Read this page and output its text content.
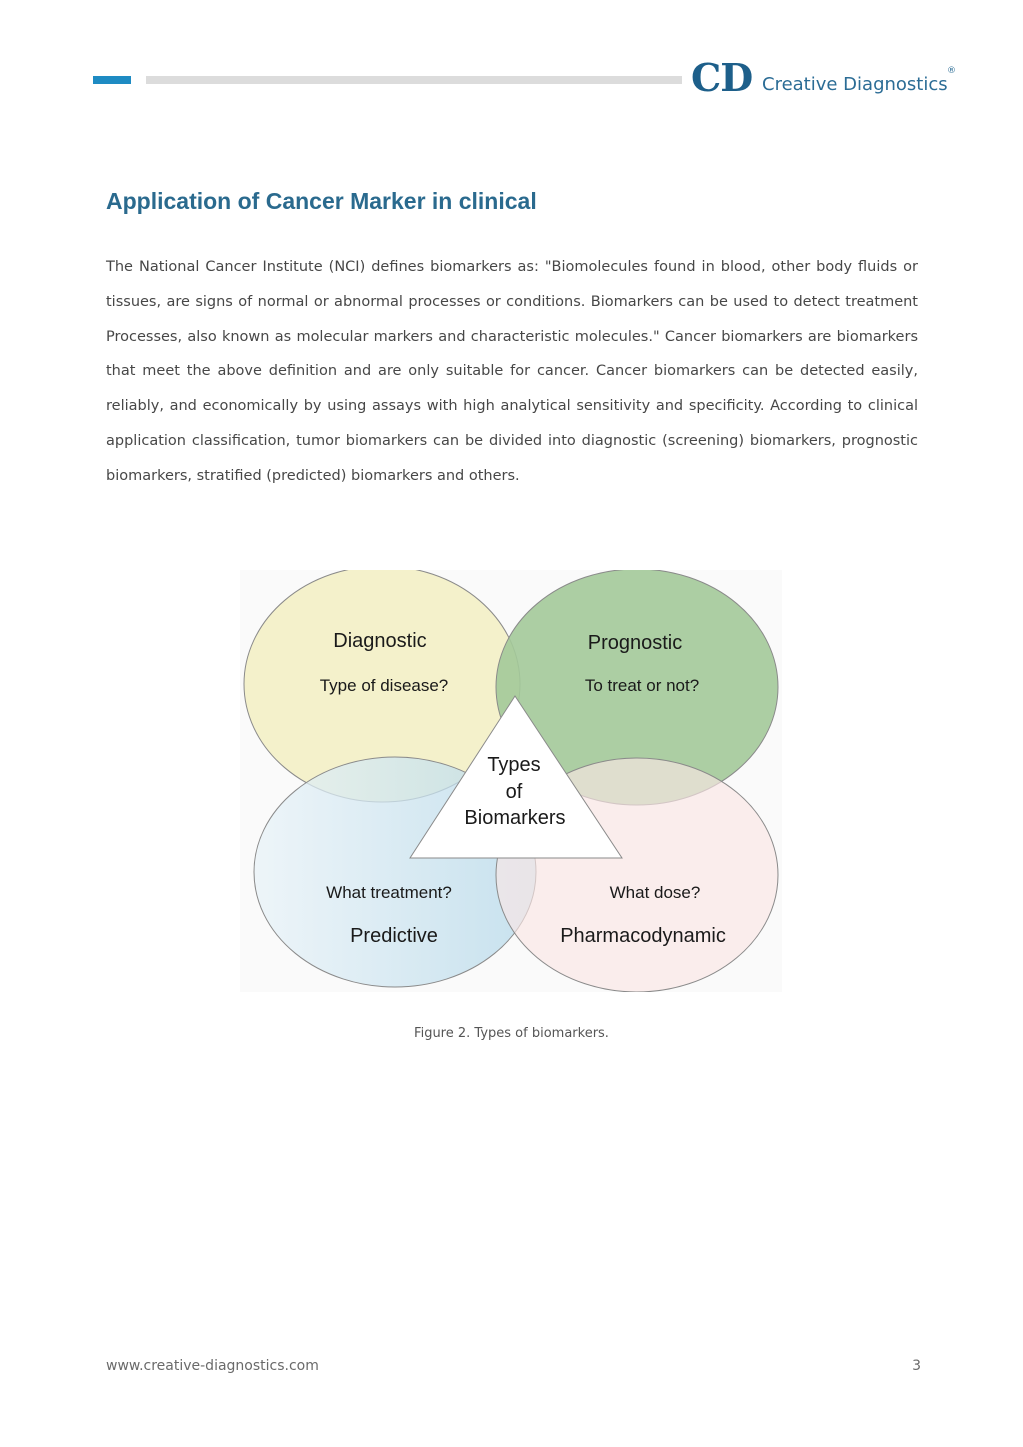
CD Creative Diagnostics
®
Application of Cancer Marker in clinical

The National Cancer Institute (NCI) defines biomarkers as: "Biomolecules found in blood, other body fluids or tissues, are signs of normal or abnormal processes or conditions. Biomarkers can be used to detect treatment Processes, also known as molecular markers and characteristic molecules." Cancer biomarkers are biomarkers that meet the above definition and are only suitable for cancer. Cancer biomarkers can be detected easily, reliably, and economically by using assays with high analytical sensitivity and specificity. According to clinical application classification, tumor biomarkers can be divided into diagnostic (screening) biomarkers, prognostic biomarkers, stratified (predicted) biomarkers and others.

Diagnostic
Type of disease?
Prognostic
To treat or not?
What treatment?
Predictive
What dose?
Pharmacodynamic
Types
of
Biomarkers

Figure 2. Types of biomarkers.

www.creative-diagnostics.com	3
